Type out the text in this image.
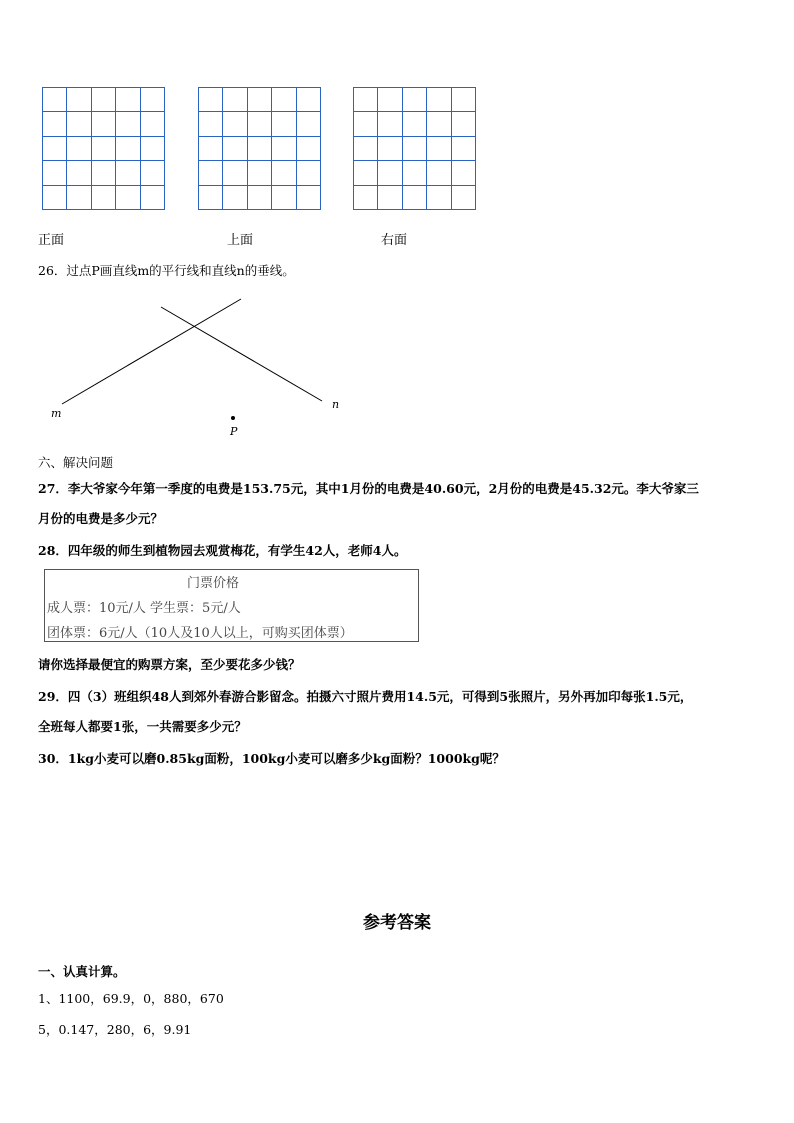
正面	上面	右面
26．过点P画直线m的平行线和直线n的垂线。
m
n
P
六、解决问题
27．李大爷家今年第一季度的电费是153.75元，其中1月份的电费是40.60元，2月份的电费是45.32元。李大爷家三
月份的电费是多少元？
28．四年级的师生到植物园去观赏梅花，有学生42人，老师4人。
门票价格
成人票：10元/人 学生票：5元/人
团体票：6元/人（10人及10人以上，可购买团体票）
请你选择最便宜的购票方案，至少要花多少钱？
29．四（3）班组织48人到郊外春游合影留念。拍摄六寸照片费用14.5元，可得到5张照片，另外再加印每张1.5元，
全班每人都要1张，一共需要多少元？
30．1kg小麦可以磨0.85kg面粉，100kg小麦可以磨多少kg面粉？1000kg呢？
参考答案
一、认真计算。
1、1100，69.9，0，880，670
5，0.147，280，6，9.91
